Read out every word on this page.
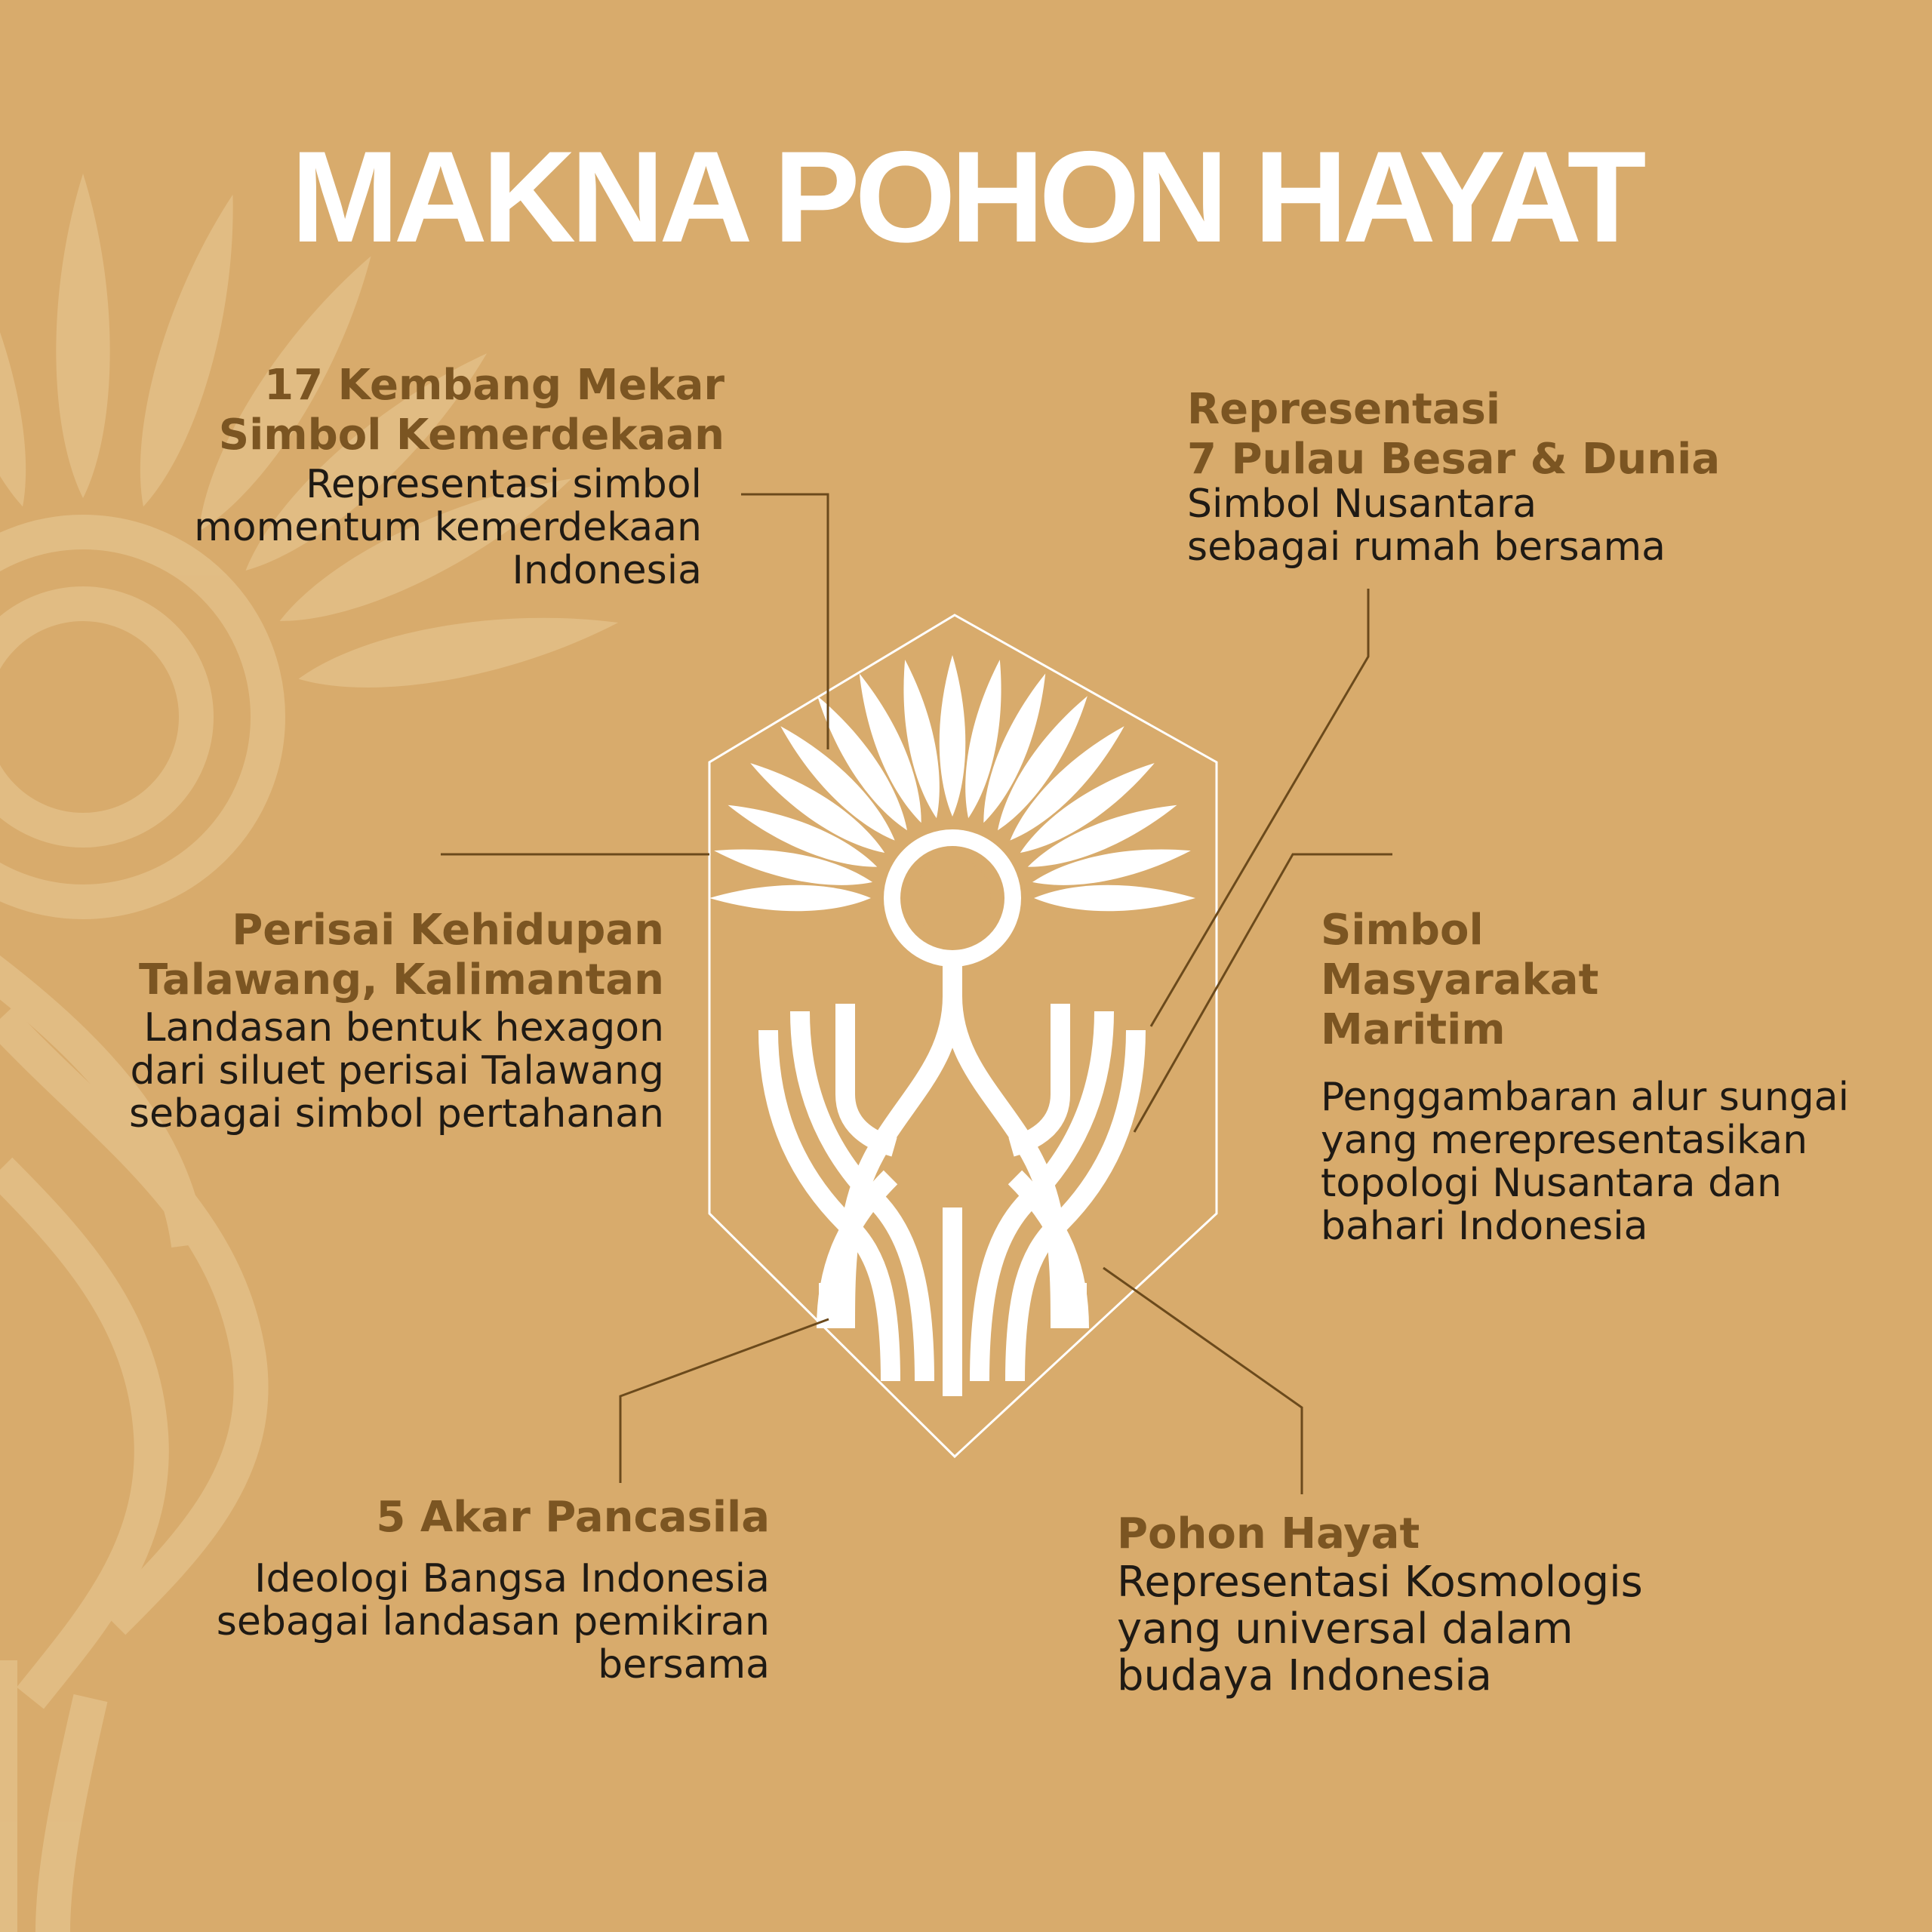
MAKNA POHON HAYAT
17 Kembang Mekar
Simbol Kemerdekaan
Representasi simbol
momentum kemerdekaan
Indonesia
Representasi
7 Pulau Besar & Dunia
Simbol Nusantara
sebagai rumah bersama
Perisai Kehidupan
Talawang, Kalimantan
Landasan bentuk hexagon
dari siluet perisai Talawang
sebagai simbol pertahanan
Simbol
Masyarakat
Maritim
Penggambaran alur sungai
yang merepresentasikan
topologi Nusantara dan
bahari Indonesia
5 Akar Pancasila
Ideologi Bangsa Indonesia
sebagai landasan pemikiran
bersama
Pohon Hayat
Representasi Kosmologis
yang universal dalam
budaya Indonesia
